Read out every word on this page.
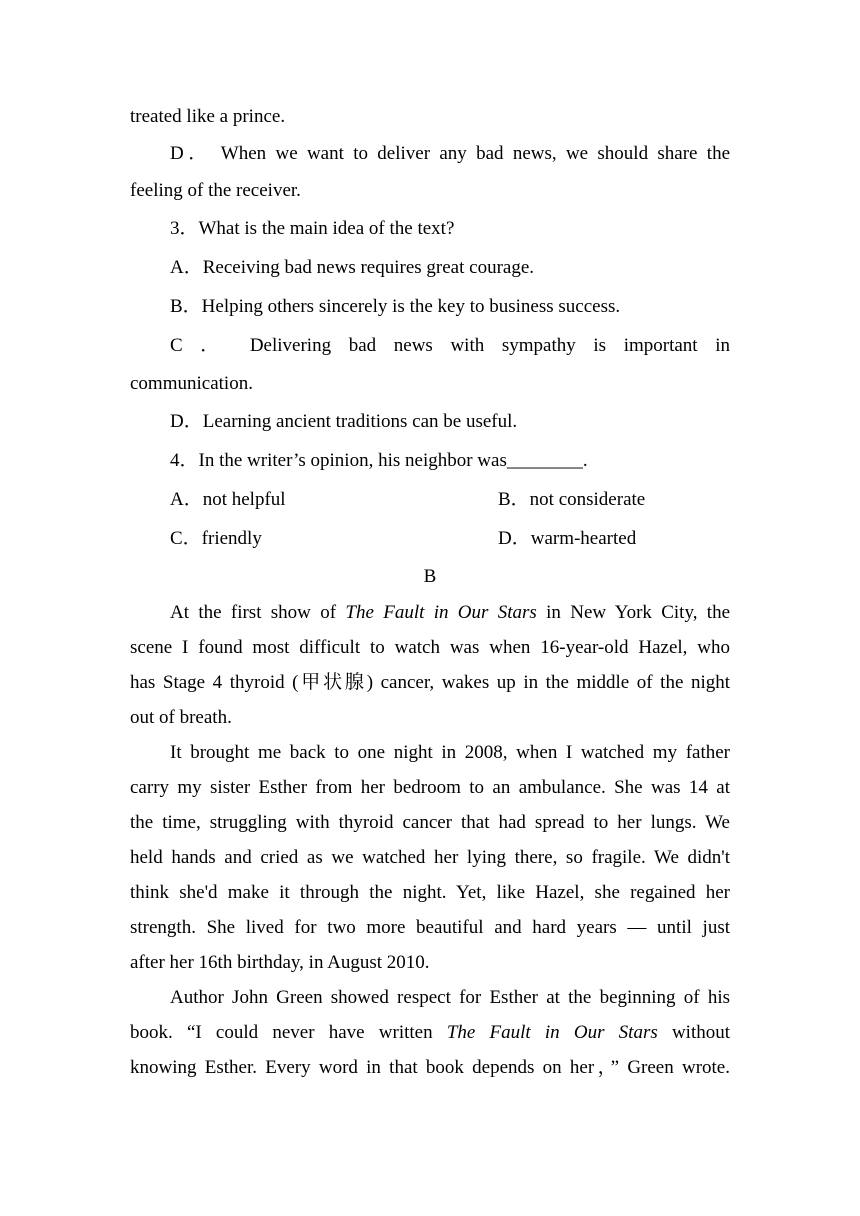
treated like a prince.
D． When we want to deliver any bad news, we should share the
feeling of the receiver.
3．What is the main idea of the text?
A．Receiving bad news requires great courage.
B．Helping others sincerely is the key to business success.
C ． Delivering bad news with sympathy is important in
communication.
D．Learning ancient traditions can be useful.
4．In the writer’s opinion, his neighbor was________.
A．not helpful	B．not considerate
C．friendly	D．warm-hearted
B
At the first show of The Fault in Our Stars in New York City, the
scene I found most difficult to watch was when 16-year-old Hazel, who
has Stage 4 thyroid (甲状腺) cancer, wakes up in the middle of the night
out of breath.
It brought me back to one night in 2008, when I watched my father
carry my sister Esther from her bedroom to an ambulance. She was 14 at
the time, struggling with thyroid cancer that had spread to her lungs. We
held hands and cried as we watched her lying there, so fragile. We didn't
think she'd make it through the night. Yet, like Hazel, she regained her
strength. She lived for two more beautiful and hard years — until just
after her 16th birthday, in August 2010.
Author John Green showed respect for Esther at the beginning of his
book. “I could never have written The Fault in Our Stars without
knowing Esther. Every word in that book depends on her，” Green wrote.
